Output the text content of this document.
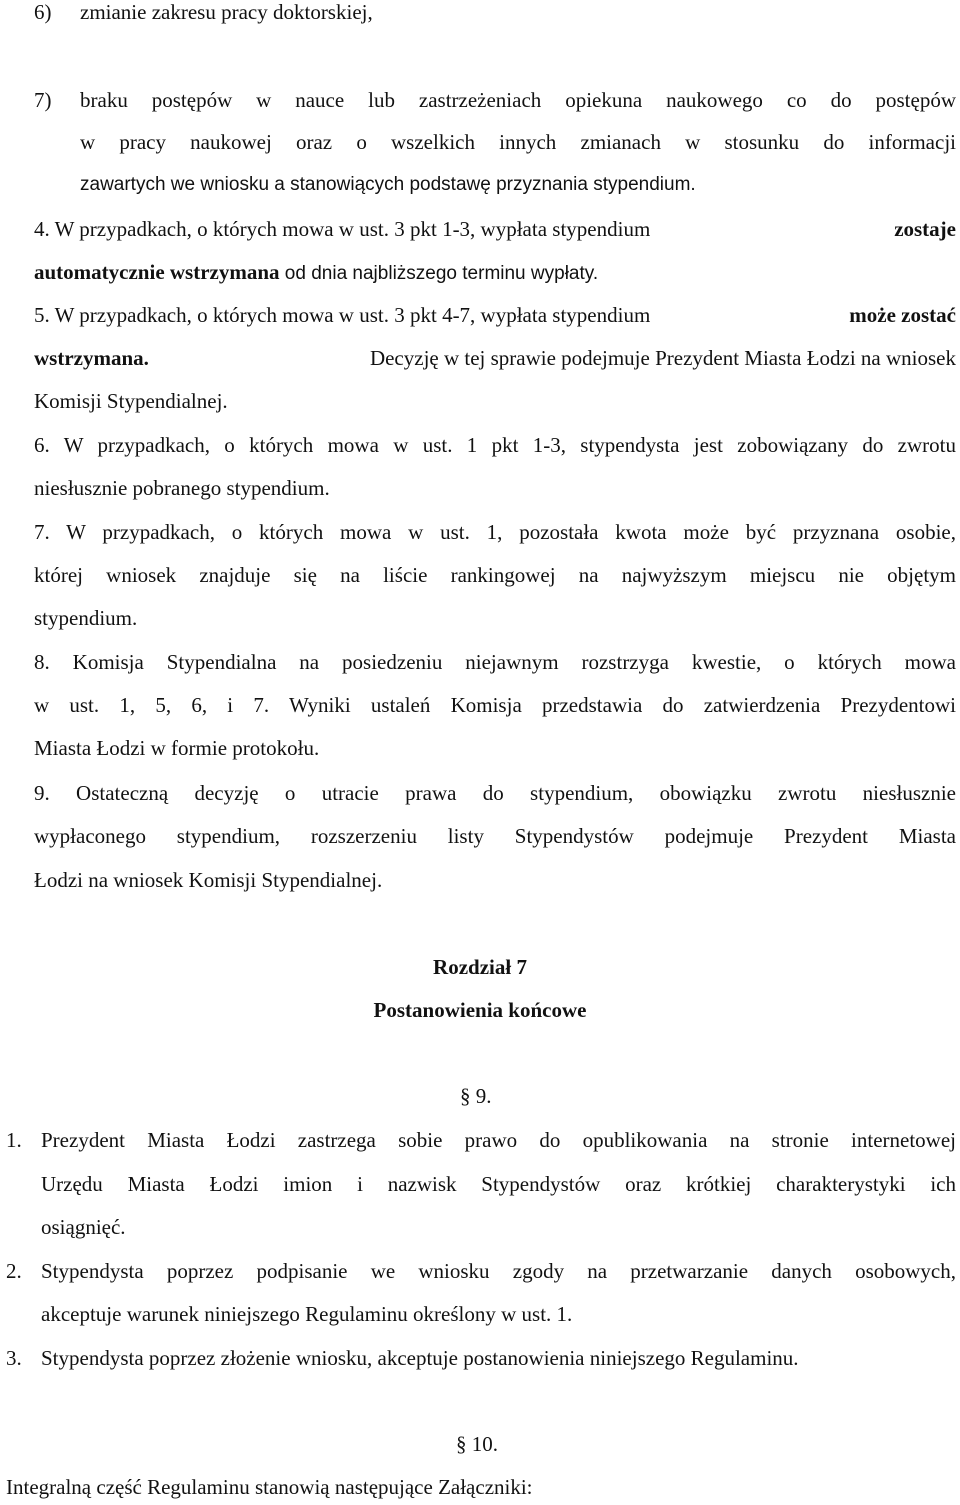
6) zmianie zakresu pracy doktorskiej,
7) braku postępów w nauce lub zastrzeżeniach opiekuna naukowego co do postępów
w pracy naukowej oraz o wszelkich innych zmianach w stosunku do informacji
zawartych we wniosku a stanowiących podstawę przyznania stypendium.
4. W przypadkach, o których mowa w ust. 3 pkt 1-3, wypłata stypendium	zostaje
automatycznie wstrzymana od dnia najbliższego terminu wypłaty.
5. W przypadkach, o których mowa w ust. 3 pkt 4-7, wypłata stypendium	może zostać
wstrzymana.	Decyzję w tej sprawie podejmuje Prezydent Miasta Łodzi na wniosek
Komisji Stypendialnej.
6. W przypadkach, o których mowa w ust. 1 pkt 1-3, stypendysta jest zobowiązany do zwrotu
niesłusznie pobranego stypendium.
7. W przypadkach, o których mowa w ust. 1, pozostała kwota może być przyznana osobie,
której wniosek znajduje się na liście rankingowej na najwyższym miejscu nie objętym
stypendium.
8. Komisja Stypendialna na posiedzeniu niejawnym rozstrzyga kwestie, o których mowa
w ust. 1, 5, 6, i 7. Wyniki ustaleń Komisja przedstawia do zatwierdzenia Prezydentowi
Miasta Łodzi w formie protokołu.
9. Ostateczną decyzję o utracie prawa do stypendium, obowiązku zwrotu niesłusznie
wypłaconego stypendium, rozszerzeniu listy Stypendystów podejmuje Prezydent Miasta
Łodzi na wniosek Komisji Stypendialnej.
Rozdział 7
Postanowienia końcowe
§ 9.
1. Prezydent Miasta Łodzi zastrzega sobie prawo do opublikowania na stronie internetowej
Urzędu Miasta Łodzi imion i nazwisk Stypendystów oraz krótkiej charakterystyki ich
osiągnięć.
2. Stypendysta poprzez podpisanie we wniosku zgody na przetwarzanie danych osobowych,
akceptuje warunek niniejszego Regulaminu określony w ust. 1.
3. Stypendysta poprzez złożenie wniosku, akceptuje postanowienia niniejszego Regulaminu.
§ 10.
Integralną część Regulaminu stanowią następujące Załączniki:
